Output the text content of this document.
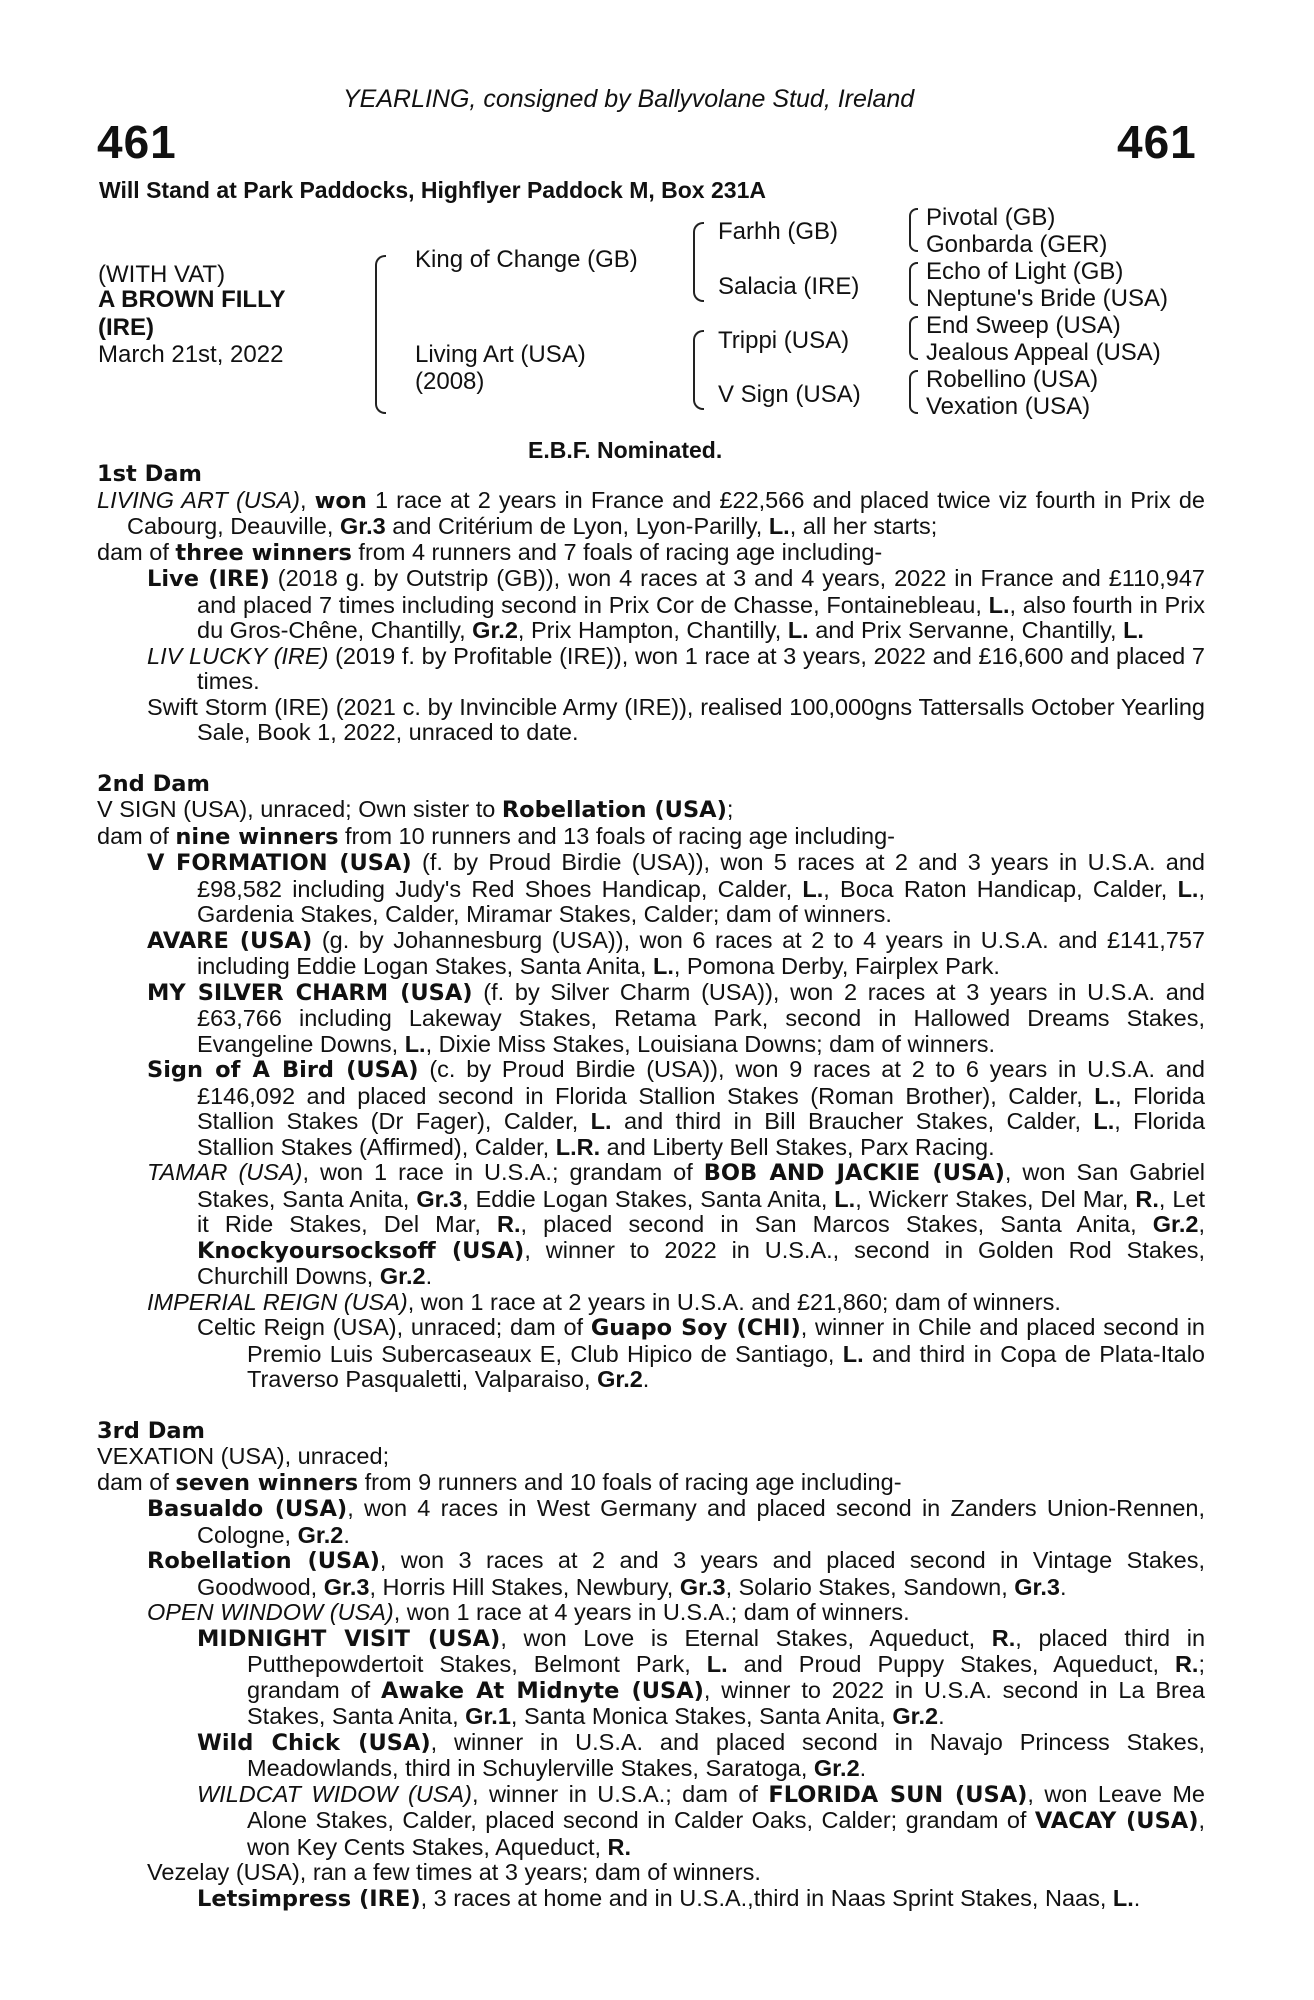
YEARLING, consigned by Ballyvolane Stud, Ireland
461	461
Will Stand at Park Paddocks, Highflyer Paddock M, Box 231A
(WITH VAT)
A BROWN FILLY
(IRE)
March 21st, 2022
King of Change (GB)
Living Art (USA)
(2008)
Farhh (GB)
Salacia (IRE)
Trippi (USA)
V Sign (USA)
Pivotal (GB)
Gonbarda (GER)
Echo of Light (GB)
Neptune's Bride (USA)
End Sweep (USA)
Jealous Appeal (USA)
Robellino (USA)
Vexation (USA)
E.B.F. Nominated.
1st Dam

LIVING ART (USA), won 1 race at 2 years in France and £22,566 and placed twice viz fourth in Prix de Cabourg, Deauville, Gr.3 and Critérium de Lyon, Lyon-Parilly, L., all her starts;

dam of three winners from 4 runners and 7 foals of racing age including-

Live (IRE) (2018 g. by Outstrip (GB)), won 4 races at 3 and 4 years, 2022 in France and £110,947 and placed 7 times including second in Prix Cor de Chasse, Fontainebleau, L., also fourth in Prix du Gros-Chêne, Chantilly, Gr.2, Prix Hampton, Chantilly, L. and Prix Servanne, Chantilly, L.

LIV LUCKY (IRE) (2019 f. by Profitable (IRE)), won 1 race at 3 years, 2022 and £16,600 and placed 7 times.

Swift Storm (IRE) (2021 c. by Invincible Army (IRE)), realised 100,000gns Tattersalls October Yearling Sale, Book 1, 2022, unraced to date.

2nd Dam

V SIGN (USA), unraced; Own sister to Robellation (USA);

dam of nine winners from 10 runners and 13 foals of racing age including-

V FORMATION (USA) (f. by Proud Birdie (USA)), won 5 races at 2 and 3 years in U.S.A. and £98,582 including Judy's Red Shoes Handicap, Calder, L., Boca Raton Handicap, Calder, L., Gardenia Stakes, Calder, Miramar Stakes, Calder; dam of winners.

AVARE (USA) (g. by Johannesburg (USA)), won 6 races at 2 to 4 years in U.S.A. and £141,757 including Eddie Logan Stakes, Santa Anita, L., Pomona Derby, Fairplex Park.

MY SILVER CHARM (USA) (f. by Silver Charm (USA)), won 2 races at 3 years in U.S.A. and £63,766 including Lakeway Stakes, Retama Park, second in Hallowed Dreams Stakes, Evangeline Downs, L., Dixie Miss Stakes, Louisiana Downs; dam of winners.

Sign of A Bird (USA) (c. by Proud Birdie (USA)), won 9 races at 2 to 6 years in U.S.A. and £146,092 and placed second in Florida Stallion Stakes (Roman Brother), Calder, L., Florida Stallion Stakes (Dr Fager), Calder, L. and third in Bill Braucher Stakes, Calder, L., Florida Stallion Stakes (Affirmed), Calder, L.R. and Liberty Bell Stakes, Parx Racing.

TAMAR (USA), won 1 race in U.S.A.; grandam of BOB AND JACKIE (USA), won San Gabriel Stakes, Santa Anita, Gr.3, Eddie Logan Stakes, Santa Anita, L., Wickerr Stakes, Del Mar, R., Let it Ride Stakes, Del Mar, R., placed second in San Marcos Stakes, Santa Anita, Gr.2, Knockyoursocksoff (USA), winner to 2022 in U.S.A., second in Golden Rod Stakes, Churchill Downs, Gr.2.

IMPERIAL REIGN (USA), won 1 race at 2 years in U.S.A. and £21,860; dam of winners.

Celtic Reign (USA), unraced; dam of Guapo Soy (CHI), winner in Chile and placed second in Premio Luis Subercaseaux E, Club Hipico de Santiago, L. and third in Copa de Plata-Italo Traverso Pasqualetti, Valparaiso, Gr.2.

3rd Dam

VEXATION (USA), unraced;

dam of seven winners from 9 runners and 10 foals of racing age including-

Basualdo (USA), won 4 races in West Germany and placed second in Zanders Union-Rennen, Cologne, Gr.2.

Robellation (USA), won 3 races at 2 and 3 years and placed second in Vintage Stakes, Goodwood, Gr.3, Horris Hill Stakes, Newbury, Gr.3, Solario Stakes, Sandown, Gr.3.

OPEN WINDOW (USA), won 1 race at 4 years in U.S.A.; dam of winners.

MIDNIGHT VISIT (USA), won Love is Eternal Stakes, Aqueduct, R., placed third in Putthepowdertoit Stakes, Belmont Park, L. and Proud Puppy Stakes, Aqueduct, R.; grandam of Awake At Midnyte (USA), winner to 2022 in U.S.A. second in La Brea Stakes, Santa Anita, Gr.1, Santa Monica Stakes, Santa Anita, Gr.2.

Wild Chick (USA), winner in U.S.A. and placed second in Navajo Princess Stakes, Meadowlands, third in Schuylerville Stakes, Saratoga, Gr.2.

WILDCAT WIDOW (USA), winner in U.S.A.; dam of FLORIDA SUN (USA), won Leave Me Alone Stakes, Calder, placed second in Calder Oaks, Calder; grandam of VACAY (USA), won Key Cents Stakes, Aqueduct, R.

Vezelay (USA), ran a few times at 3 years; dam of winners.

Letsimpress (IRE), 3 races at home and in U.S.A.,third in Naas Sprint Stakes, Naas, L..
